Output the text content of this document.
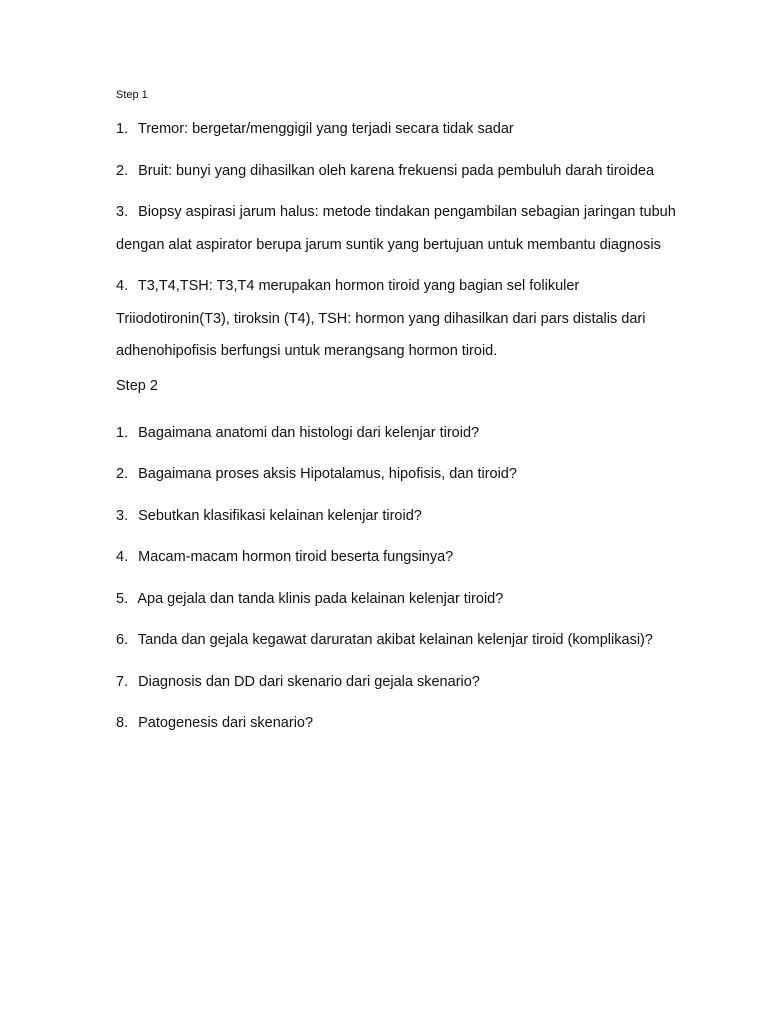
Step 1
1. Tremor: bergetar/menggigil yang terjadi secara tidak sadar
2. Bruit: bunyi yang dihasilkan oleh karena frekuensi pada pembuluh darah tiroidea
3. Biopsy aspirasi jarum halus: metode tindakan pengambilan sebagian jaringan tubuh dengan alat aspirator berupa jarum suntik yang bertujuan untuk membantu diagnosis
4. T3,T4,TSH: T3,T4 merupakan hormon tiroid yang bagian sel folikuler Triiodotironin(T3), tiroksin (T4), TSH: hormon yang dihasilkan dari pars distalis dari adhenohipofisis berfungsi untuk merangsang hormon tiroid.
Step 2
1. Bagaimana anatomi dan histologi dari kelenjar tiroid?
2. Bagaimana proses aksis Hipotalamus, hipofisis, dan tiroid?
3. Sebutkan klasifikasi kelainan kelenjar tiroid?
4. Macam-macam hormon tiroid beserta fungsinya?
5. Apa gejala dan tanda klinis pada kelainan kelenjar tiroid?
6. Tanda dan gejala kegawat daruratan akibat kelainan kelenjar tiroid (komplikasi)?
7. Diagnosis dan DD dari skenario dari gejala skenario?
8. Patogenesis dari skenario?
